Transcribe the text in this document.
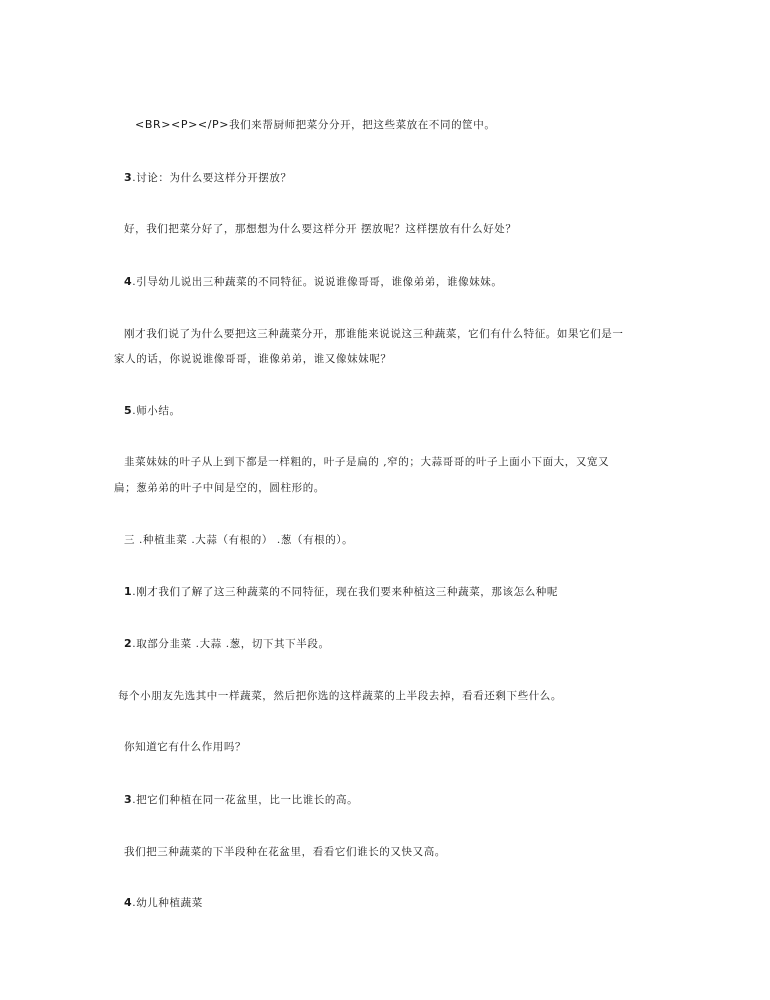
<BR><P></P>我们来帮厨师把菜分分开，把这些菜放在不同的筐中。
3.讨论：为什么要这样分开摆放？
好，我们把菜分好了，那想想为什么要这样分开 摆放呢？这样摆放有什么好处？
4.引导幼儿说出三种蔬菜的不同特征。说说谁像哥哥，谁像弟弟，谁像妹妹。
刚才我们说了为什么要把这三种蔬菜分开，那谁能来说说这三种蔬菜，它们有什么特征。如果它们是一
家人的话，你说说谁像哥哥，谁像弟弟，谁又像妹妹呢？
5.师小结。
韭菜妹妹的叶子从上到下都是一样粗的，叶子是扁的 ,窄的；大蒜哥哥的叶子上面小下面大，又宽又
扁；葱弟弟的叶子中间是空的，圆柱形的。
三 .种植韭菜 .大蒜（有根的） .葱（有根的）。
1.刚才我们了解了这三种蔬菜的不同特征，现在我们要来种植这三种蔬菜，那该怎么种呢
2.取部分韭菜 .大蒜 .葱，切下其下半段。
每个小朋友先选其中一样蔬菜，然后把你选的这样蔬菜的上半段去掉，看看还剩下些什么。
你知道它有什么作用吗？
3.把它们种植在同一花盆里，比一比谁长的高。
我们把三种蔬菜的下半段种在花盆里，看看它们谁长的又快又高。
4.幼儿种植蔬菜
